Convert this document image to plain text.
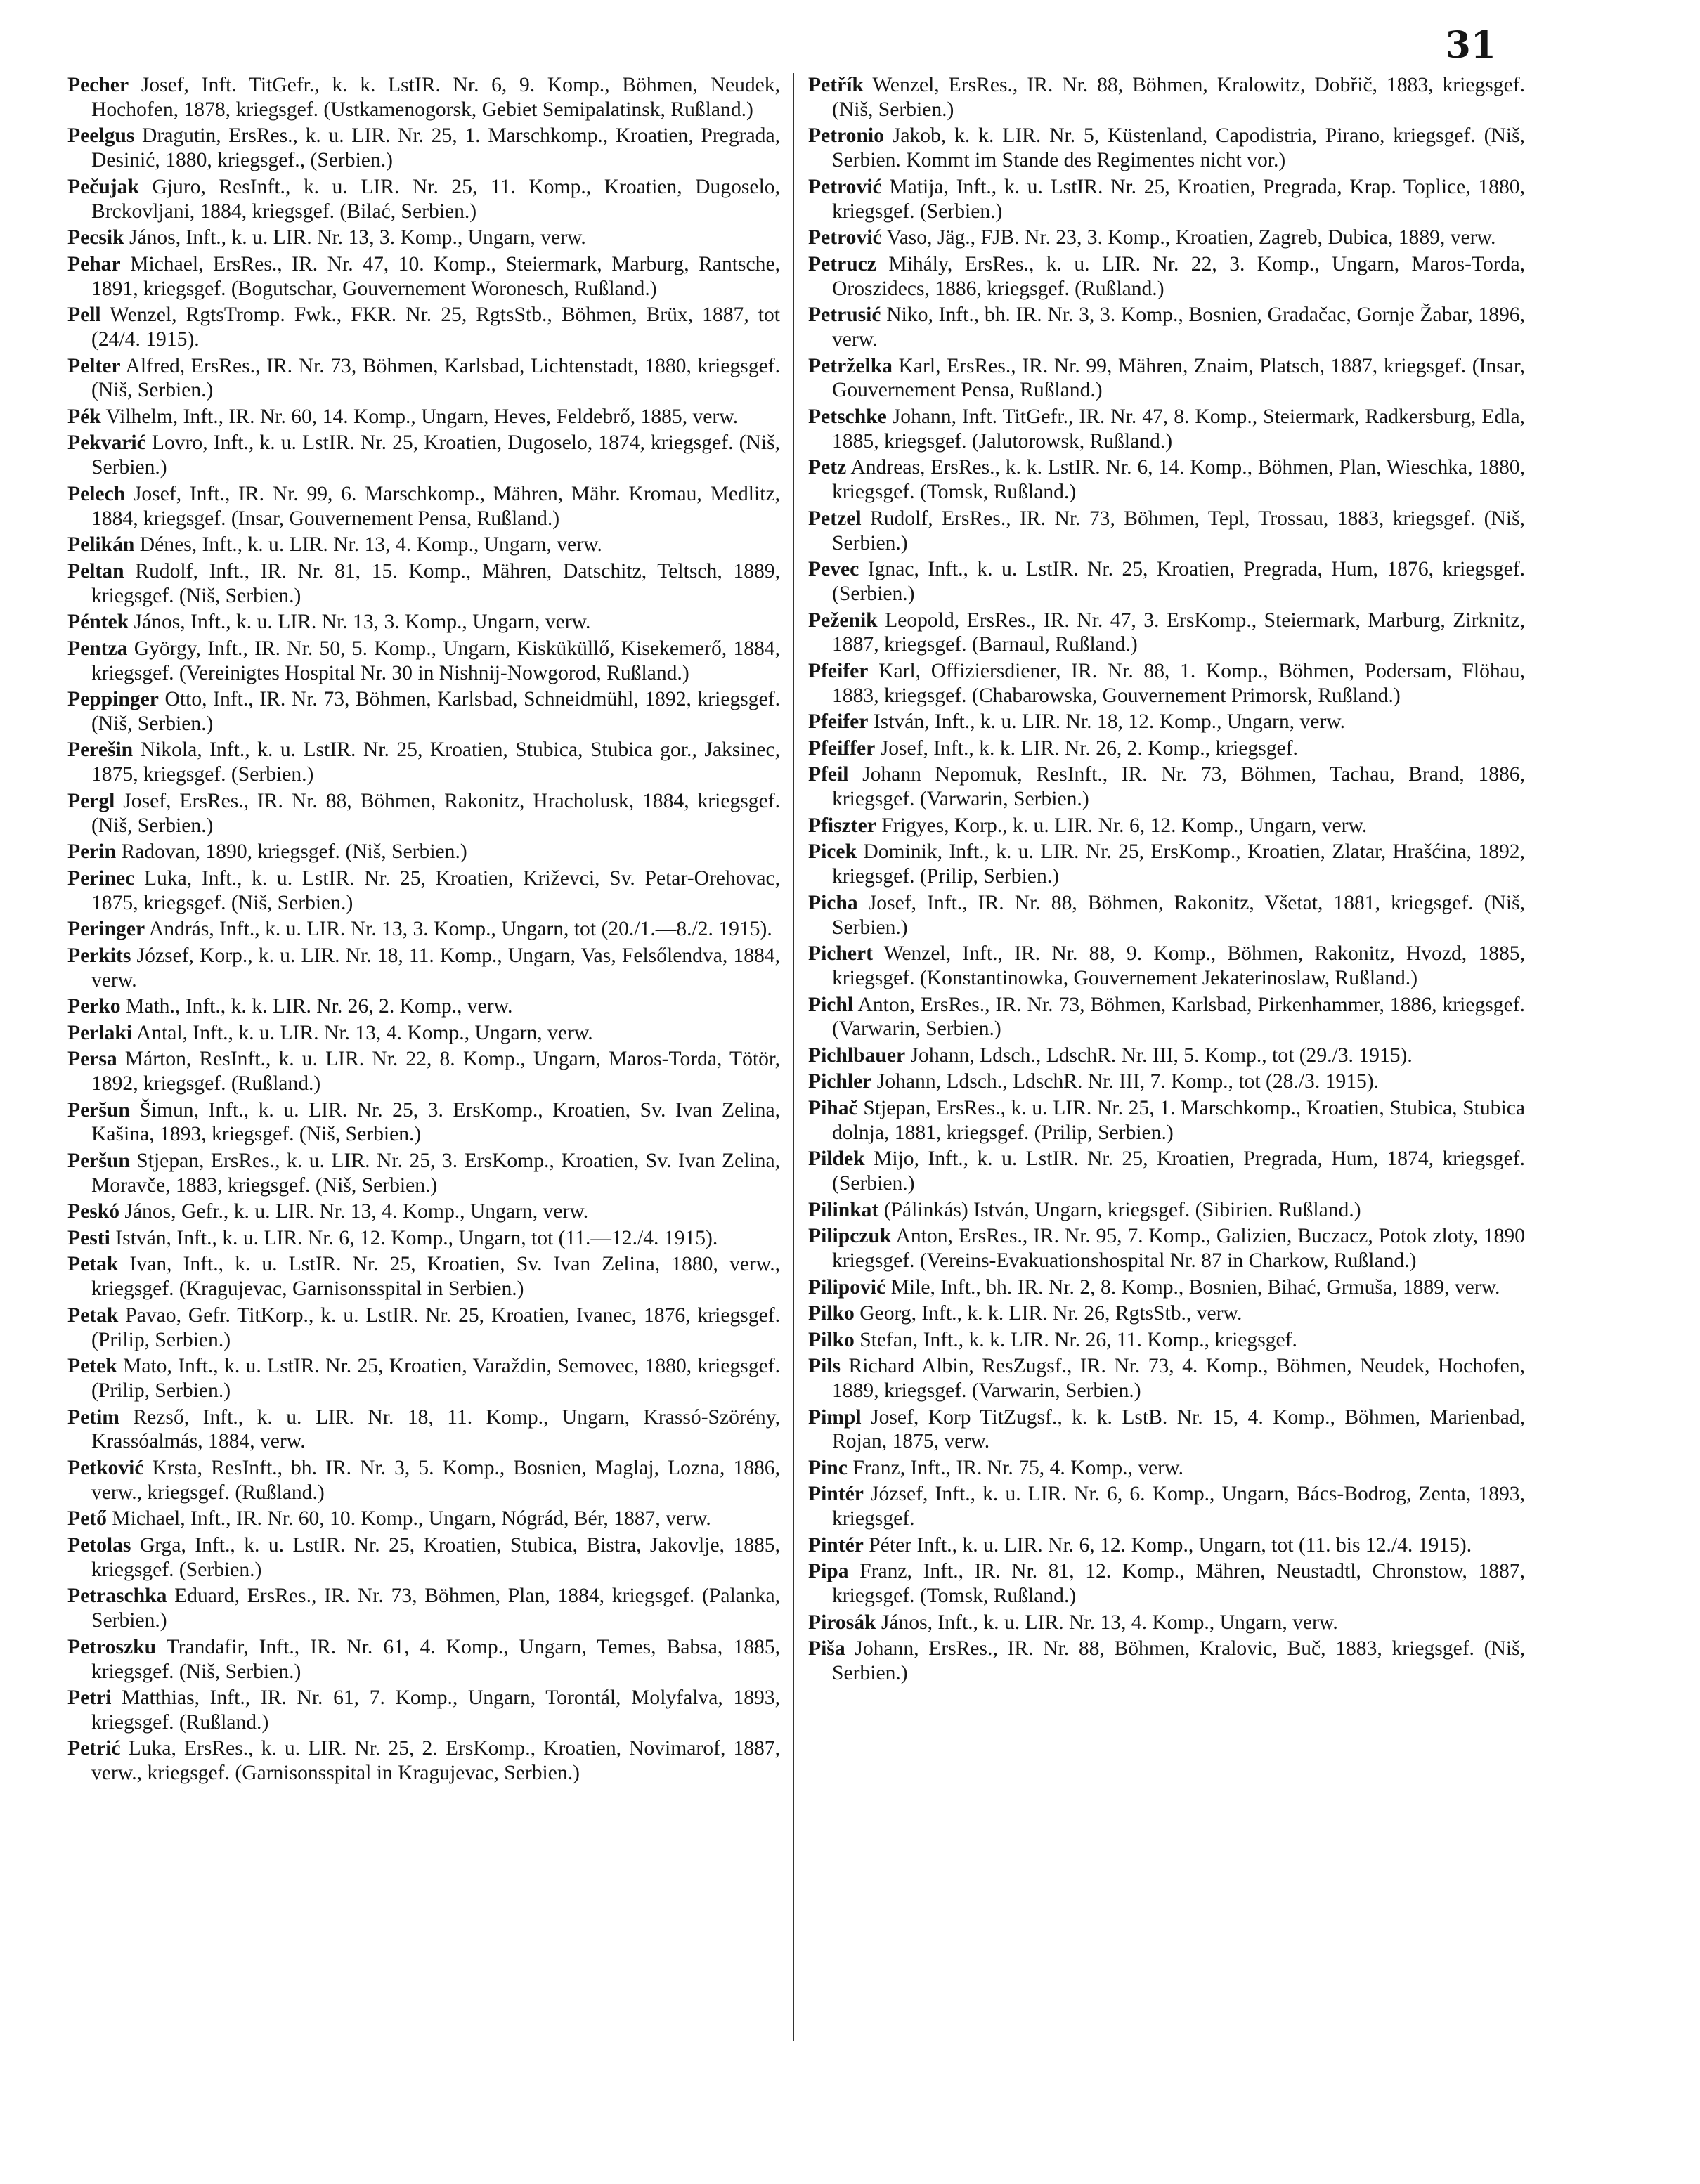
31

Pecher Josef, Inft. TitGefr., k. k. LstIR. Nr. 6, 9. Komp., Böhmen, Neudek, Hochofen, 1878, kriegsgef. (Ustkamenogorsk, Gebiet Semipalatinsk, Rußland.)

Peelgus Dragutin, ErsRes., k. u. LIR. Nr. 25, 1. Marschkomp., Kroatien, Pregrada, Desinić, 1880, kriegsgef., (Serbien.)

Pečujak Gjuro, ResInft., k. u. LIR. Nr. 25, 11. Komp., Kroatien, Dugoselo, Brckovljani, 1884, kriegsgef. (Bilać, Serbien.)

Pecsik János, Inft., k. u. LIR. Nr. 13, 3. Komp., Ungarn, verw.

Pehar Michael, ErsRes., IR. Nr. 47, 10. Komp., Steiermark, Marburg, Rantsche, 1891, kriegsgef. (Bogutschar, Gouvernement Woronesch, Rußland.)

Pell Wenzel, RgtsTromp. Fwk., FKR. Nr. 25, RgtsStb., Böhmen, Brüx, 1887, tot (24/4. 1915).

Pelter Alfred, ErsRes., IR. Nr. 73, Böhmen, Karlsbad, Lichtenstadt, 1880, kriegsgef. (Niš, Serbien.)

Pék Vilhelm, Inft., IR. Nr. 60, 14. Komp., Ungarn, Heves, Feldebrő, 1885, verw.

Pekvarić Lovro, Inft., k. u. LstIR. Nr. 25, Kroatien, Dugoselo, 1874, kriegsgef. (Niš, Serbien.)

Pelech Josef, Inft., IR. Nr. 99, 6. Marschkomp., Mähren, Mähr. Kromau, Medlitz, 1884, kriegsgef. (Insar, Gouvernement Pensa, Rußland.)

Pelikán Dénes, Inft., k. u. LIR. Nr. 13, 4. Komp., Ungarn, verw.

Peltan Rudolf, Inft., IR. Nr. 81, 15. Komp., Mähren, Datschitz, Teltsch, 1889, kriegsgef. (Niš, Serbien.)

Péntek János, Inft., k. u. LIR. Nr. 13, 3. Komp., Ungarn, verw.

Pentza György, Inft., IR. Nr. 50, 5. Komp., Ungarn, Kisküküllő, Kisekemerő, 1884, kriegsgef. (Vereinigtes Hospital Nr. 30 in Nishnij-Nowgorod, Rußland.)

Peppinger Otto, Inft., IR. Nr. 73, Böhmen, Karlsbad, Schneidmühl, 1892, kriegsgef. (Niš, Serbien.)

Perešin Nikola, Inft., k. u. LstIR. Nr. 25, Kroatien, Stubica, Stubica gor., Jaksinec, 1875, kriegsgef. (Serbien.)

Pergl Josef, ErsRes., IR. Nr. 88, Böhmen, Rakonitz, Hracholusk, 1884, kriegsgef. (Niš, Serbien.)

Perin Radovan, 1890, kriegsgef. (Niš, Serbien.)

Perinec Luka, Inft., k. u. LstIR. Nr. 25, Kroatien, Križevci, Sv. Petar-Orehovac, 1875, kriegsgef. (Niš, Serbien.)

Peringer András, Inft., k. u. LIR. Nr. 13, 3. Komp., Ungarn, tot (20./1.—8./2. 1915).

Perkits József, Korp., k. u. LIR. Nr. 18, 11. Komp., Ungarn, Vas, Felsőlendva, 1884, verw.

Perko Math., Inft., k. k. LIR. Nr. 26, 2. Komp., verw.

Perlaki Antal, Inft., k. u. LIR. Nr. 13, 4. Komp., Ungarn, verw.

Persa Márton, ResInft., k. u. LIR. Nr. 22, 8. Komp., Ungarn, Maros-Torda, Tötör, 1892, kriegsgef. (Rußland.)

Peršun Šimun, Inft., k. u. LIR. Nr. 25, 3. ErsKomp., Kroatien, Sv. Ivan Zelina, Kašina, 1893, kriegsgef. (Niš, Serbien.)

Peršun Stjepan, ErsRes., k. u. LIR. Nr. 25, 3. ErsKomp., Kroatien, Sv. Ivan Zelina, Moravče, 1883, kriegsgef. (Niš, Serbien.)

Peskó János, Gefr., k. u. LIR. Nr. 13, 4. Komp., Ungarn, verw.

Pesti István, Inft., k. u. LIR. Nr. 6, 12. Komp., Ungarn, tot (11.—12./4. 1915).

Petak Ivan, Inft., k. u. LstIR. Nr. 25, Kroatien, Sv. Ivan Zelina, 1880, verw., kriegsgef. (Kragujevac, Garnisonsspital in Serbien.)

Petak Pavao, Gefr. TitKorp., k. u. LstIR. Nr. 25, Kroatien, Ivanec, 1876, kriegsgef. (Prilip, Serbien.)

Petek Mato, Inft., k. u. LstIR. Nr. 25, Kroatien, Varaždin, Semovec, 1880, kriegsgef. (Prilip, Serbien.)

Petim Rezső, Inft., k. u. LIR. Nr. 18, 11. Komp., Ungarn, Krassó-Szörény, Krassóalmás, 1884, verw.

Petković Krsta, ResInft., bh. IR. Nr. 3, 5. Komp., Bosnien, Maglaj, Lozna, 1886, verw., kriegsgef. (Rußland.)

Pető Michael, Inft., IR. Nr. 60, 10. Komp., Ungarn, Nógrád, Bér, 1887, verw.

Petolas Grga, Inft., k. u. LstIR. Nr. 25, Kroatien, Stubica, Bistra, Jakovlje, 1885, kriegsgef. (Serbien.)

Petraschka Eduard, ErsRes., IR. Nr. 73, Böhmen, Plan, 1884, kriegsgef. (Palanka, Serbien.)

Petroszku Trandafir, Inft., IR. Nr. 61, 4. Komp., Ungarn, Temes, Babsa, 1885, kriegsgef. (Niš, Serbien.)

Petri Matthias, Inft., IR. Nr. 61, 7. Komp., Ungarn, Torontál, Molyfalva, 1893, kriegsgef. (Rußland.)

Petrić Luka, ErsRes., k. u. LIR. Nr. 25, 2. ErsKomp., Kroatien, Novimarof, 1887, verw., kriegsgef. (Garnisonsspital in Kragujevac, Serbien.)

Petřík Wenzel, ErsRes., IR. Nr. 88, Böhmen, Kralowitz, Dobřič, 1883, kriegsgef. (Niš, Serbien.)

Petronio Jakob, k. k. LIR. Nr. 5, Küstenland, Capodistria, Pirano, kriegsgef. (Niš, Serbien. Kommt im Stande des Regimentes nicht vor.)

Petrović Matija, Inft., k. u. LstIR. Nr. 25, Kroatien, Pregrada, Krap. Toplice, 1880, kriegsgef. (Serbien.)

Petrović Vaso, Jäg., FJB. Nr. 23, 3. Komp., Kroatien, Zagreb, Dubica, 1889, verw.

Petrucz Mihály, ErsRes., k. u. LIR. Nr. 22, 3. Komp., Ungarn, Maros-Torda, Oroszidecs, 1886, kriegsgef. (Rußland.)

Petrusić Niko, Inft., bh. IR. Nr. 3, 3. Komp., Bosnien, Gradačac, Gornje Žabar, 1896, verw.

Petrželka Karl, ErsRes., IR. Nr. 99, Mähren, Znaim, Platsch, 1887, kriegsgef. (Insar, Gouvernement Pensa, Rußland.)

Petschke Johann, Inft. TitGefr., IR. Nr. 47, 8. Komp., Steiermark, Radkersburg, Edla, 1885, kriegsgef. (Jalutorowsk, Rußland.)

Petz Andreas, ErsRes., k. k. LstIR. Nr. 6, 14. Komp., Böhmen, Plan, Wieschka, 1880, kriegsgef. (Tomsk, Rußland.)

Petzel Rudolf, ErsRes., IR. Nr. 73, Böhmen, Tepl, Trossau, 1883, kriegsgef. (Niš, Serbien.)

Pevec Ignac, Inft., k. u. LstIR. Nr. 25, Kroatien, Pregrada, Hum, 1876, kriegsgef. (Serbien.)

Peženik Leopold, ErsRes., IR. Nr. 47, 3. ErsKomp., Steiermark, Marburg, Zirknitz, 1887, kriegsgef. (Barnaul, Rußland.)

Pfeifer Karl, Offiziersdiener, IR. Nr. 88, 1. Komp., Böhmen, Podersam, Flöhau, 1883, kriegsgef. (Chabarowska, Gouvernement Primorsk, Rußland.)

Pfeifer István, Inft., k. u. LIR. Nr. 18, 12. Komp., Ungarn, verw.

Pfeiffer Josef, Inft., k. k. LIR. Nr. 26, 2. Komp., kriegsgef.

Pfeil Johann Nepomuk, ResInft., IR. Nr. 73, Böhmen, Tachau, Brand, 1886, kriegsgef. (Varwarin, Serbien.)

Pfiszter Frigyes, Korp., k. u. LIR. Nr. 6, 12. Komp., Ungarn, verw.

Picek Dominik, Inft., k. u. LIR. Nr. 25, ErsKomp., Kroatien, Zlatar, Hrašćina, 1892, kriegsgef. (Prilip, Serbien.)

Picha Josef, Inft., IR. Nr. 88, Böhmen, Rakonitz, Všetat, 1881, kriegsgef. (Niš, Serbien.)

Pichert Wenzel, Inft., IR. Nr. 88, 9. Komp., Böhmen, Rakonitz, Hvozd, 1885, kriegsgef. (Konstantinowka, Gouvernement Jekaterinoslaw, Rußland.)

Pichl Anton, ErsRes., IR. Nr. 73, Böhmen, Karlsbad, Pirkenhammer, 1886, kriegsgef. (Varwarin, Serbien.)

Pichlbauer Johann, Ldsch., LdschR. Nr. III, 5. Komp., tot (29./3. 1915).

Pichler Johann, Ldsch., LdschR. Nr. III, 7. Komp., tot (28./3. 1915).

Pihač Stjepan, ErsRes., k. u. LIR. Nr. 25, 1. Marschkomp., Kroatien, Stubica, Stubica dolnja, 1881, kriegsgef. (Prilip, Serbien.)

Pildek Mijo, Inft., k. u. LstIR. Nr. 25, Kroatien, Pregrada, Hum, 1874, kriegsgef. (Serbien.)

Pilinkat (Pálinkás) István, Ungarn, kriegsgef. (Sibirien. Rußland.)

Pilipczuk Anton, ErsRes., IR. Nr. 95, 7. Komp., Galizien, Buczacz, Potok zloty, 1890 kriegsgef. (Vereins-Evakuationshospital Nr. 87 in Charkow, Rußland.)

Pilipović Mile, Inft., bh. IR. Nr. 2, 8. Komp., Bosnien, Bihać, Grmuša, 1889, verw.

Pilko Georg, Inft., k. k. LIR. Nr. 26, RgtsStb., verw.

Pilko Stefan, Inft., k. k. LIR. Nr. 26, 11. Komp., kriegsgef.

Pils Richard Albin, ResZugsf., IR. Nr. 73, 4. Komp., Böhmen, Neudek, Hochofen, 1889, kriegsgef. (Varwarin, Serbien.)

Pimpl Josef, Korp TitZugsf., k. k. LstB. Nr. 15, 4. Komp., Böhmen, Marienbad, Rojan, 1875, verw.

Pinc Franz, Inft., IR. Nr. 75, 4. Komp., verw.

Pintér József, Inft., k. u. LIR. Nr. 6, 6. Komp., Ungarn, Bács-Bodrog, Zenta, 1893, kriegsgef.

Pintér Péter Inft., k. u. LIR. Nr. 6, 12. Komp., Ungarn, tot (11. bis 12./4. 1915).

Pipa Franz, Inft., IR. Nr. 81, 12. Komp., Mähren, Neustadtl, Chronstow, 1887, kriegsgef. (Tomsk, Rußland.)

Pirosák János, Inft., k. u. LIR. Nr. 13, 4. Komp., Ungarn, verw.

Piša Johann, ErsRes., IR. Nr. 88, Böhmen, Kralovic, Buč, 1883, kriegsgef. (Niš, Serbien.)
